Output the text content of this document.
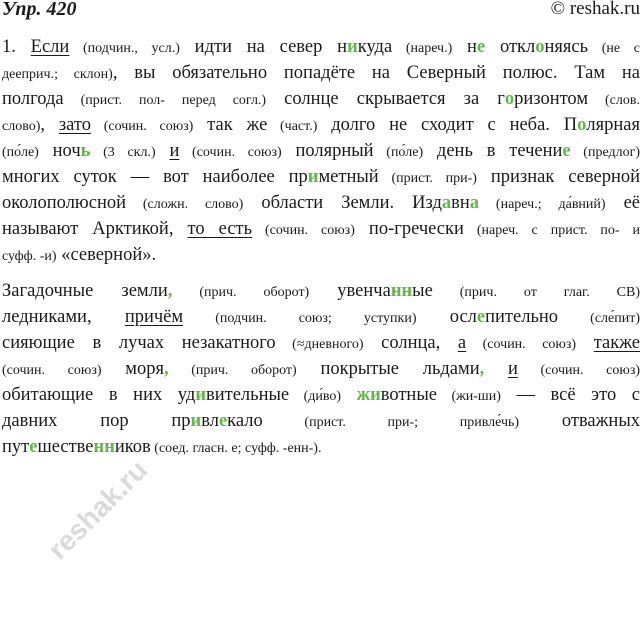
Упр. 420	© reshak.ru
reshak.ru
1. Если (подчин., усл.) идти на север никуда (нареч.) не отклоняясь (не с
дееприч.; склон), вы обязательно попадёте на Северный полюс. Там на
полгода (прист. пол- перед согл.) солнце скрывается за горизонтом (слов.
слово), зато (сочин. союз) так же (част.) долго не сходит с неба. Полярная
(по́ле) ночь (3 скл.) и (сочин. союз) полярный (по́ле) день в течение (предлог)
многих суток — вот наиболее приметный (прист. при-) признак северной
околополюсной (сложн. слово) области Земли. Издавна (нареч.; да́вний) её
называют Арктикой, то есть (сочин. союз) по-гречески (нареч. с прист. по- и
суфф. -и) «северной».
Загадочные земли, (прич. оборот) увенчанные (прич. от глаг. СВ)
ледниками, причём (подчин. союз; уступки) ослепительно (сле́пит)
сияющие в лучах незакатного (≈дневного) солнца, а (сочин. союз) также
(сочин. союз) моря, (прич. оборот) покрытые льдами, и (сочин. союз)
обитающие в них удивительные (ди́во) животные (жи-ши) — всё это с
давних пор привлекало (прист. при-; привле́чь) отважных
путешественников (соед. гласн. е; суфф. -енн-).
